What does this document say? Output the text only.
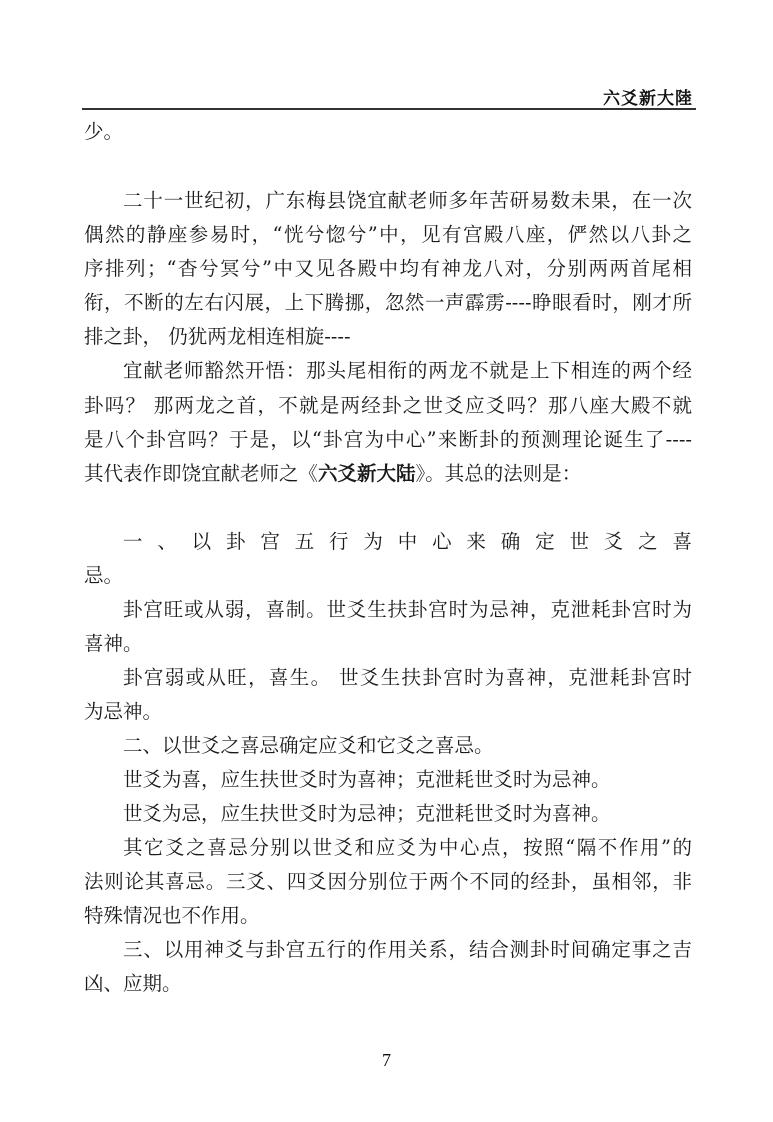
六爻新大陸
少。
二十一世纪初，广东梅县饶宜献老师多年苦研易数未果，在一次
偶然的静座参易时，“恍兮惚兮”中，见有宫殿八座，俨然以八卦之
序排列；“杳兮冥兮”中又见各殿中均有神龙八对，分别两两首尾相
衔，不断的左右闪展，上下腾挪，忽然一声霹雳----睁眼看时，刚才所
排之卦， 仍犹两龙相连相旋----
宜献老师豁然开悟：那头尾相衔的两龙不就是上下相连的两个经
卦吗？ 那两龙之首，不就是两经卦之世爻应爻吗？那八座大殿不就
是八个卦宫吗？于是，以“卦宫为中心”来断卦的预测理论诞生了----
其代表作即饶宜献老师之《六爻新大陆》。其总的法则是：
一 、 以 卦 宫 五 行 为 中 心 来 确 定 世 爻 之 喜
忌。
卦宫旺或从弱，喜制。世爻生扶卦宫时为忌神，克泄耗卦宫时为
喜神。
卦宫弱或从旺，喜生。 世爻生扶卦宫时为喜神，克泄耗卦宫时
为忌神。
二、以世爻之喜忌确定应爻和它爻之喜忌。
世爻为喜，应生扶世爻时为喜神；克泄耗世爻时为忌神。
世爻为忌，应生扶世爻时为忌神；克泄耗世爻时为喜神。
其它爻之喜忌分别以世爻和应爻为中心点，按照“隔不作用”的
法则论其喜忌。三爻、四爻因分别位于两个不同的经卦，虽相邻，非
特殊情况也不作用。
三、以用神爻与卦宫五行的作用关系，结合测卦时间确定事之吉
凶、应期。
7
